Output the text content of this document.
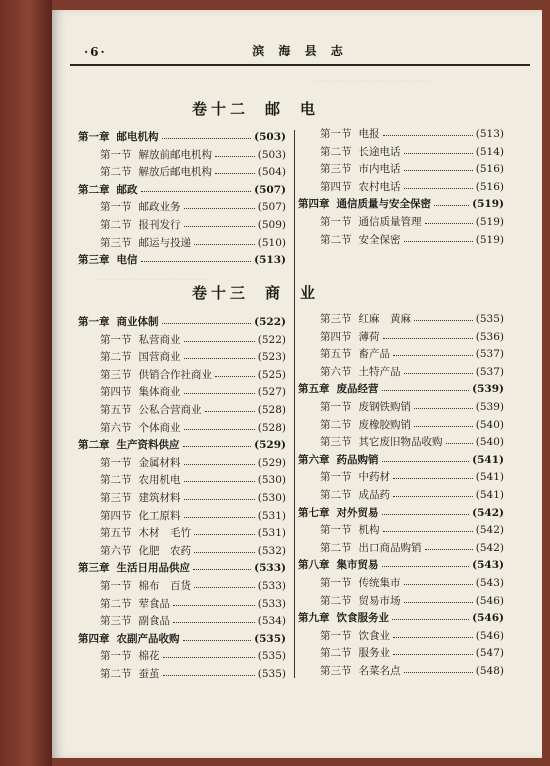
·6·	滨 海 县 志
………………………………
………………………………
卷十二 邮 电
卷十三 商 业
第一章 邮电机构	(503)
第一节 解放前邮电机构	(503)
第二节 解放后邮电机构	(504)
第二章 邮政	(507)
第一节 邮政业务	(507)
第二节 报刊发行	(509)
第三节 邮运与投递	(510)
第三章 电信	(513)
第一节 电报	(513)
第二节 长途电话	(514)
第三节 市内电话	(516)
第四节 农村电话	(516)
第四章 通信质量与安全保密	(519)
第一节 通信质量管理	(519)
第二节 安全保密	(519)
第一章 商业体制	(522)
第一节 私营商业	(522)
第二节 国营商业	(523)
第三节 供销合作社商业	(525)
第四节 集体商业	(527)
第五节 公私合营商业	(528)
第六节 个体商业	(528)
第二章 生产资料供应	(529)
第一节 金属材料	(529)
第二节 农用机电	(530)
第三节 建筑材料	(530)
第四节 化工原料	(531)
第五节 木材　毛竹	(531)
第六节 化肥　农药	(532)
第三章 生活日用品供应	(533)
第一节 棉布　百货	(533)
第二节 荤食品	(533)
第三节 副食品	(534)
第四章 农副产品收购	(535)
第一节 棉花	(535)
第二节 蚕茧	(535)
第三节 红麻　黄麻	(535)
第四节 薄荷	(536)
第五节 畜产品	(537)
第六节 土特产品	(537)
第五章 废品经营	(539)
第一节 废钢铁购销	(539)
第二节 废橡胶购销	(540)
第三节 其它废旧物品收购	(540)
第六章 药品购销	(541)
第一节 中药材	(541)
第二节 成品药	(541)
第七章 对外贸易	(542)
第一节 机构	(542)
第二节 出口商品购销	(542)
第八章 集市贸易	(543)
第一节 传统集市	(543)
第二节 贸易市场	(546)
第九章 饮食服务业	(546)
第一节 饮食业	(546)
第二节 服务业	(547)
第三节 名菜名点	(548)
